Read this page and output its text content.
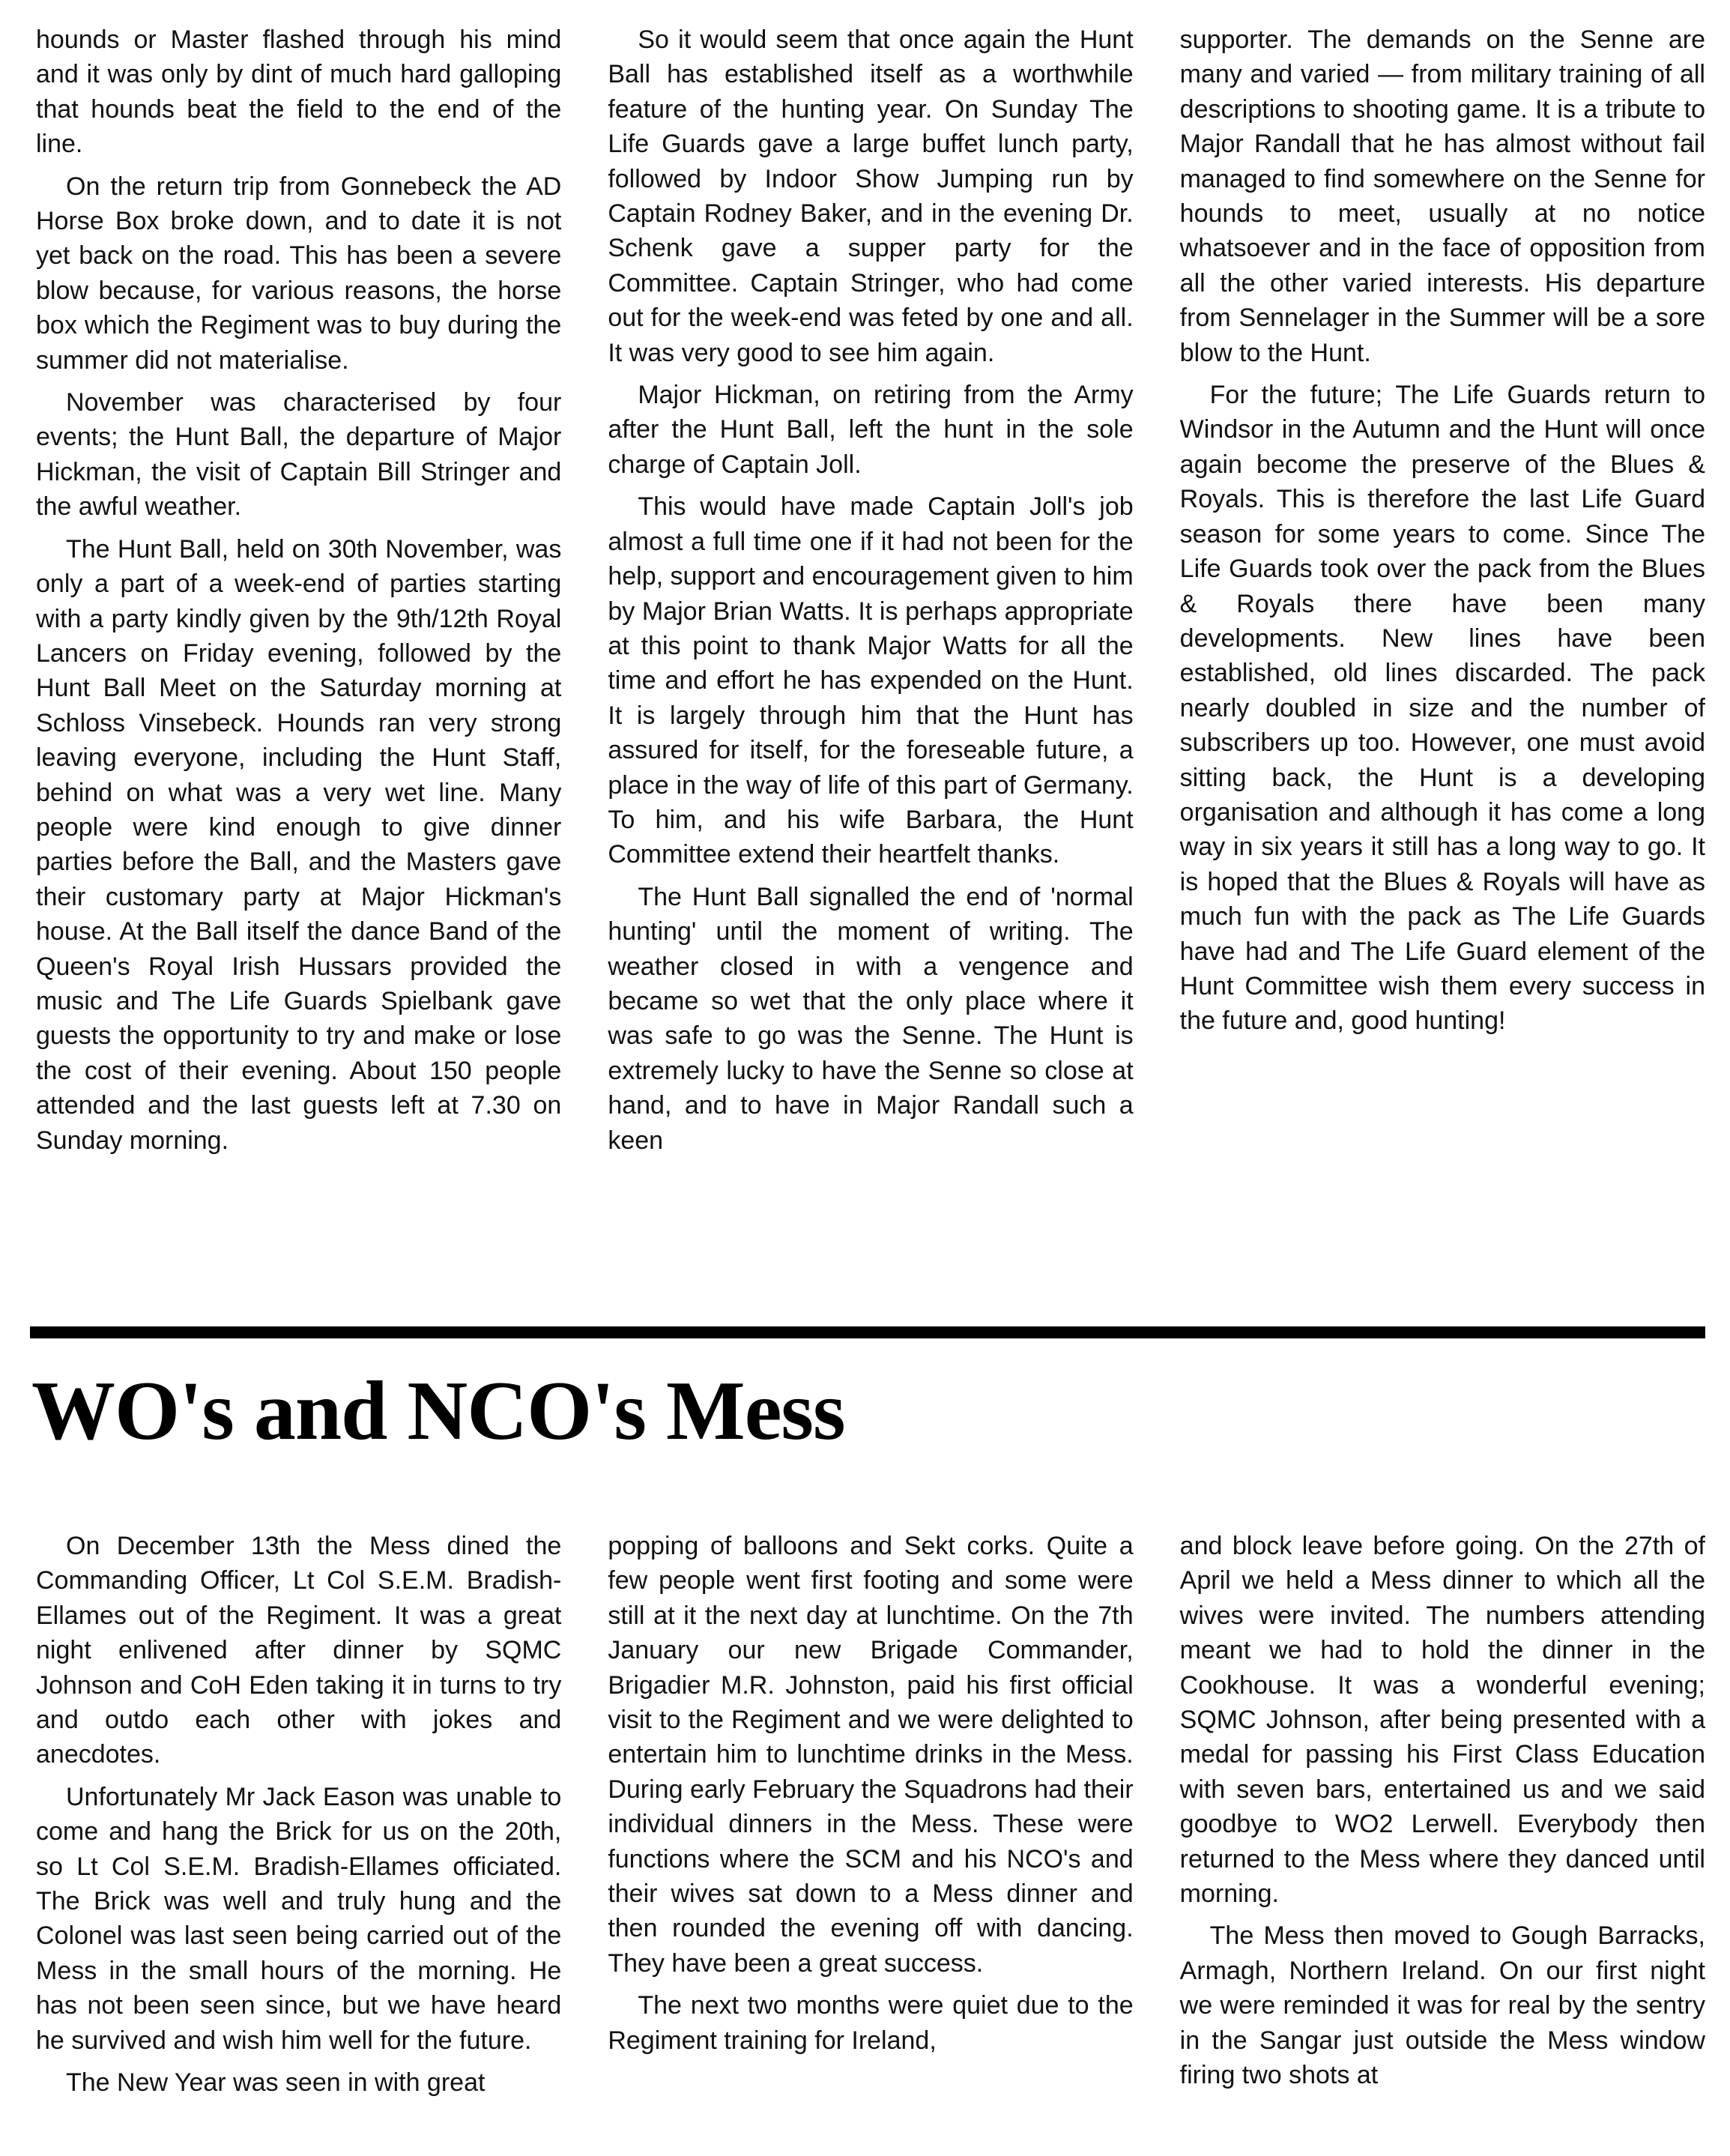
hounds or Master flashed through his mind and it was only by dint of much hard galloping that hounds beat the field to the end of the line.

On the return trip from Gonnebeck the AD Horse Box broke down, and to date it is not yet back on the road. This has been a severe blow because, for various reasons, the horse box which the Regiment was to buy during the summer did not materialise.

November was characterised by four events; the Hunt Ball, the departure of Major Hickman, the visit of Captain Bill Stringer and the awful weather.

The Hunt Ball, held on 30th November, was only a part of a week-end of parties starting with a party kindly given by the 9th/12th Royal Lancers on Friday evening, followed by the Hunt Ball Meet on the Saturday morning at Schloss Vinsebeck. Hounds ran very strong leaving everyone, including the Hunt Staff, behind on what was a very wet line. Many people were kind enough to give dinner parties before the Ball, and the Masters gave their customary party at Major Hickman's house. At the Ball itself the dance Band of the Queen's Royal Irish Hussars provided the music and The Life Guards Spielbank gave guests the opportunity to try and make or lose the cost of their evening. About 150 people attended and the last guests left at 7.30 on Sunday morning.

So it would seem that once again the Hunt Ball has established itself as a worthwhile feature of the hunting year. On Sunday The Life Guards gave a large buffet lunch party, followed by Indoor Show Jumping run by Captain Rodney Baker, and in the evening Dr. Schenk gave a supper party for the Committee. Captain Stringer, who had come out for the week-end was feted by one and all. It was very good to see him again.

Major Hickman, on retiring from the Army after the Hunt Ball, left the hunt in the sole charge of Captain Joll.

This would have made Captain Joll's job almost a full time one if it had not been for the help, support and encouragement given to him by Major Brian Watts. It is perhaps appropriate at this point to thank Major Watts for all the time and effort he has expended on the Hunt. It is largely through him that the Hunt has assured for itself, for the foreseable future, a place in the way of life of this part of Germany. To him, and his wife Barbara, the Hunt Committee extend their heartfelt thanks.

The Hunt Ball signalled the end of 'normal hunting' until the moment of writing. The weather closed in with a vengence and became so wet that the only place where it was safe to go was the Senne. The Hunt is extremely lucky to have the Senne so close at hand, and to have in Major Randall such a keen

supporter. The demands on the Senne are many and varied — from military training of all descriptions to shooting game. It is a tribute to Major Randall that he has almost without fail managed to find somewhere on the Senne for hounds to meet, usually at no notice whatsoever and in the face of opposition from all the other varied interests. His departure from Sennelager in the Summer will be a sore blow to the Hunt.

For the future; The Life Guards return to Windsor in the Autumn and the Hunt will once again become the preserve of the Blues & Royals. This is therefore the last Life Guard season for some years to come. Since The Life Guards took over the pack from the Blues & Royals there have been many developments. New lines have been established, old lines discarded. The pack nearly doubled in size and the number of subscribers up too. However, one must avoid sitting back, the Hunt is a developing organisation and although it has come a long way in six years it still has a long way to go. It is hoped that the Blues & Royals will have as much fun with the pack as The Life Guards have had and The Life Guard element of the Hunt Committee wish them every success in the future and, good hunting!

WO's and NCO's Mess

On December 13th the Mess dined the Commanding Officer, Lt Col S.E.M. Bradish-Ellames out of the Regiment. It was a great night enlivened after dinner by SQMC Johnson and CoH Eden taking it in turns to try and outdo each other with jokes and anecdotes.

Unfortunately Mr Jack Eason was unable to come and hang the Brick for us on the 20th, so Lt Col S.E.M. Bradish-Ellames officiated. The Brick was well and truly hung and the Colonel was last seen being carried out of the Mess in the small hours of the morning. He has not been seen since, but we have heard he survived and wish him well for the future.

The New Year was seen in with great

popping of balloons and Sekt corks. Quite a few people went first footing and some were still at it the next day at lunchtime. On the 7th January our new Brigade Commander, Brigadier M.R. Johnston, paid his first official visit to the Regiment and we were delighted to entertain him to lunchtime drinks in the Mess. During early February the Squadrons had their individual dinners in the Mess. These were functions where the SCM and his NCO's and their wives sat down to a Mess dinner and then rounded the evening off with dancing. They have been a great success.

The next two months were quiet due to the Regiment training for Ireland,

and block leave before going. On the 27th of April we held a Mess dinner to which all the wives were invited. The numbers attending meant we had to hold the dinner in the Cookhouse. It was a wonderful evening; SQMC Johnson, after being presented with a medal for passing his First Class Education with seven bars, entertained us and we said goodbye to WO2 Lerwell. Everybody then returned to the Mess where they danced until morning.

The Mess then moved to Gough Barracks, Armagh, Northern Ireland. On our first night we were reminded it was for real by the sentry in the Sangar just outside the Mess window firing two shots at
